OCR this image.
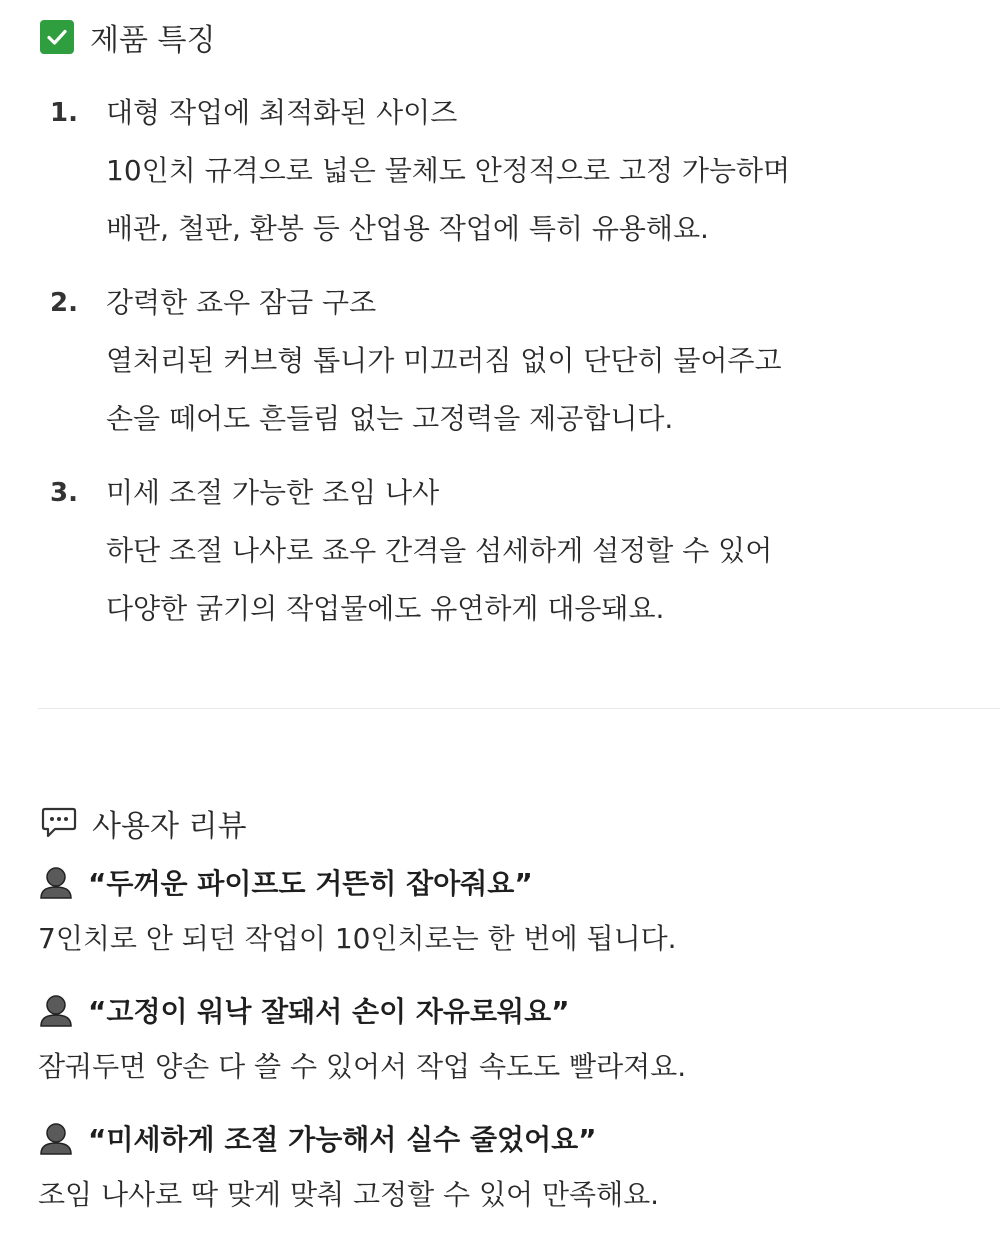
제품 특징
1.	대형 작업에 최적화된 사이즈
10인치 규격으로 넓은 물체도 안정적으로 고정 가능하며
배관, 철판, 환봉 등 산업용 작업에 특히 유용해요.
2.	강력한 죠우 잠금 구조
열처리된 커브형 톱니가 미끄러짐 없이 단단히 물어주고
손을 떼어도 흔들림 없는 고정력을 제공합니다.
3.	미세 조절 가능한 조임 나사
하단 조절 나사로 죠우 간격을 섬세하게 설정할 수 있어
다양한 굵기의 작업물에도 유연하게 대응돼요.
사용자 리뷰
“두꺼운 파이프도 거뜬히 잡아줘요”
7인치로 안 되던 작업이 10인치로는 한 번에 됩니다.
“고정이 워낙 잘돼서 손이 자유로워요”
잠궈두면 양손 다 쓸 수 있어서 작업 속도도 빨라져요.
“미세하게 조절 가능해서 실수 줄었어요”
조임 나사로 딱 맞게 맞춰 고정할 수 있어 만족해요.
